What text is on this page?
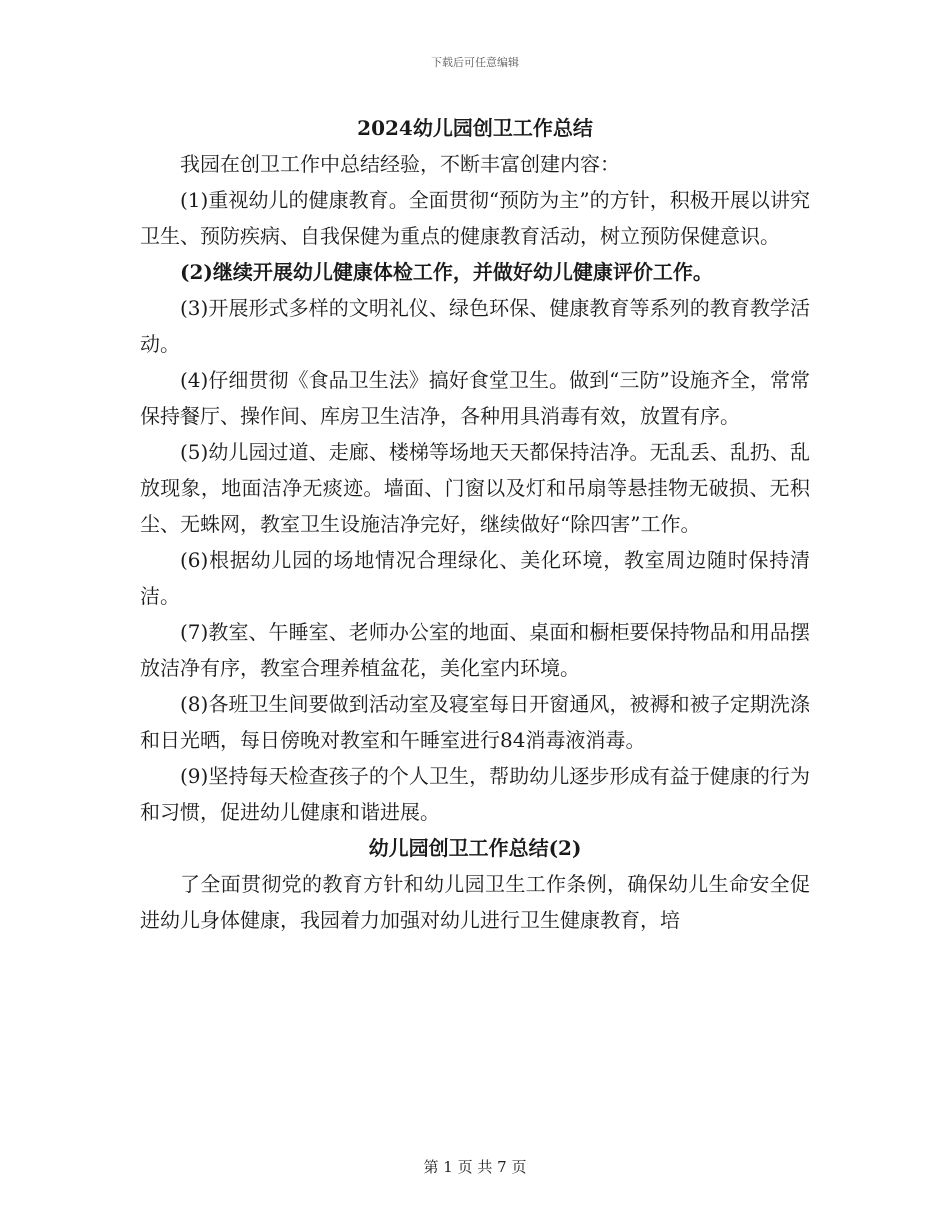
下载后可任意编辑
2024幼儿园创卫工作总结

我园在创卫工作中总结经验，不断丰富创建内容：

(1)重视幼儿的健康教育。全面贯彻“预防为主”的方针，积极开展以讲究卫生、预防疾病、自我保健为重点的健康教育活动，树立预防保健意识。

(2)继续开展幼儿健康体检工作，并做好幼儿健康评价工作。

(3)开展形式多样的文明礼仪、绿色环保、健康教育等系列的教育教学活动。

(4)仔细贯彻《食品卫生法》搞好食堂卫生。做到“三防”设施齐全，常常保持餐厅、操作间、库房卫生洁净，各种用具消毒有效，放置有序。

(5)幼儿园过道、走廊、楼梯等场地天天都保持洁净。无乱丢、乱扔、乱放现象，地面洁净无痰迹。墙面、门窗以及灯和吊扇等悬挂物无破损、无积尘、无蛛网，教室卫生设施洁净完好，继续做好“除四害”工作。

(6)根据幼儿园的场地情况合理绿化、美化环境，教室周边随时保持清洁。

(7)教室、午睡室、老师办公室的地面、桌面和橱柜要保持物品和用品摆放洁净有序，教室合理养植盆花，美化室内环境。

(8)各班卫生间要做到活动室及寝室每日开窗通风，被褥和被子定期洗涤和日光晒，每日傍晚对教室和午睡室进行84消毒液消毒。

(9)坚持每天检查孩子的个人卫生，帮助幼儿逐步形成有益于健康的行为和习惯，促进幼儿健康和谐进展。

幼儿园创卫工作总结(2)

了全面贯彻党的教育方针和幼儿园卫生工作条例，确保幼儿生命安全促进幼儿身体健康，我园着力加强对幼儿进行卫生健康教育，培

第 1 页 共 7 页
